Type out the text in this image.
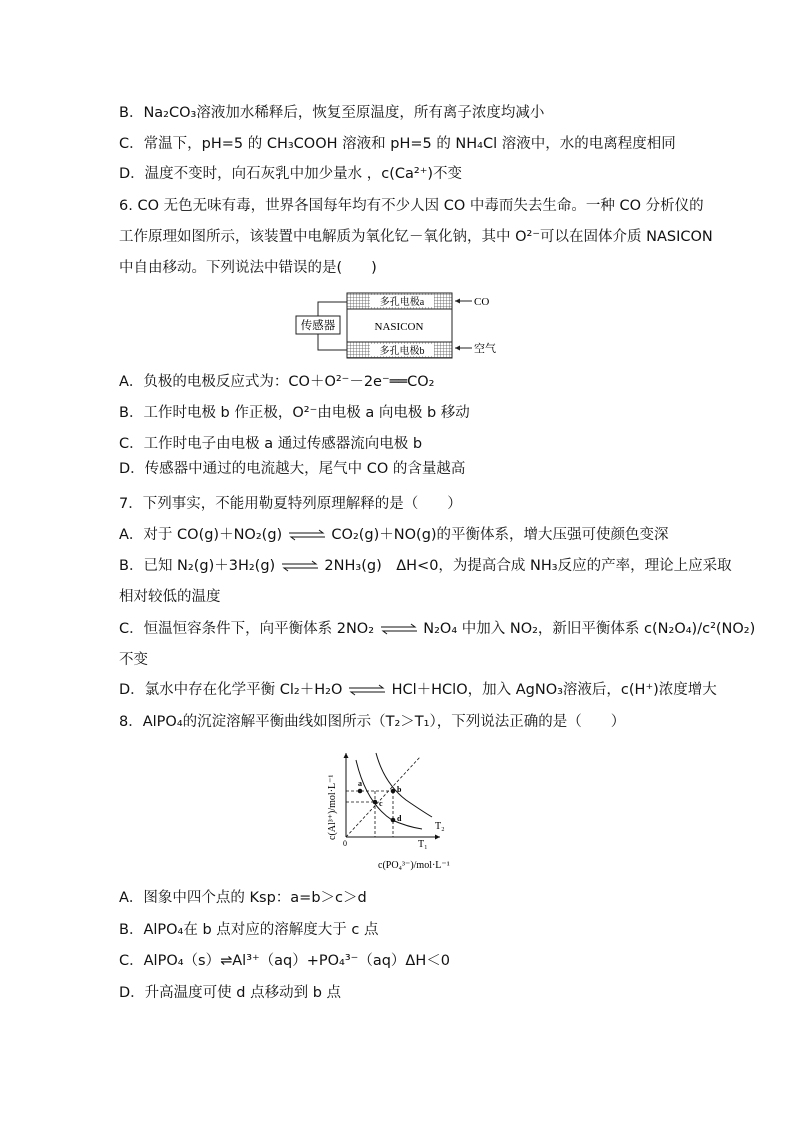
B．Na₂CO₃溶液加水稀释后，恢复至原温度，所有离子浓度均减小
C．常温下，pH=5 的 CH₃COOH 溶液和 pH=5 的 NH₄Cl 溶液中，水的电离程度相同
D．温度不变时，向石灰乳中加少量水 ，c(Ca²⁺)不变
6. CO 无色无味有毒，世界各国每年均有不少人因 CO 中毒而失去生命。一种 CO 分析仪的
工作原理如图所示，该装置中电解质为氧化钇－氧化钠，其中 O²⁻可以在固体介质 NASICON
中自由移动。下列说法中错误的是(　　)
传感器
多孔电极a
NASICON
多孔电极b
CO
空气
A．负极的电极反应式为：CO＋O²⁻－2e⁻══CO₂
B．工作时电极 b 作正极，O²⁻由电极 a 向电极 b 移动
C．工作时电子由电极 a 通过传感器流向电极 b
D．传感器中通过的电流越大，尾气中 CO 的含量越高
7．下列事实，不能用勒夏特列原理解释的是（　　）
A．对于 CO(g)＋NO₂(g) ⇌ CO₂(g)＋NO(g)的平衡体系，增大压强可使颜色变深
B．已知 N₂(g)＋3H₂(g) ⇌ 2NH₃(g)　ΔH<0，为提高合成 NH₃反应的产率，理论上应采取
相对较低的温度
C．恒温恒容条件下，向平衡体系 2NO₂ ⇌ N₂O₄ 中加入 NO₂，新旧平衡体系 c(N₂O₄)/c²(NO₂)
不变
D．氯水中存在化学平衡 Cl₂＋H₂O ⇌ HCl＋HClO，加入 AgNO₃溶液后，c(H⁺)浓度增大
8．AlPO₄的沉淀溶解平衡曲线如图所示（T₂＞T₁），下列说法正确的是（　　）
c(Al³⁺)/mol·L⁻¹
0
a
b
c
d
T₂
T₁
c(PO₄³⁻)/mol·L⁻¹
A．图象中四个点的 Ksp：a=b＞c＞d
B．AlPO₄在 b 点对应的溶解度大于 c 点
C．AlPO₄（s）⇌Al³⁺（aq）+PO₄³⁻（aq）ΔH＜0
D．升高温度可使 d 点移动到 b 点
